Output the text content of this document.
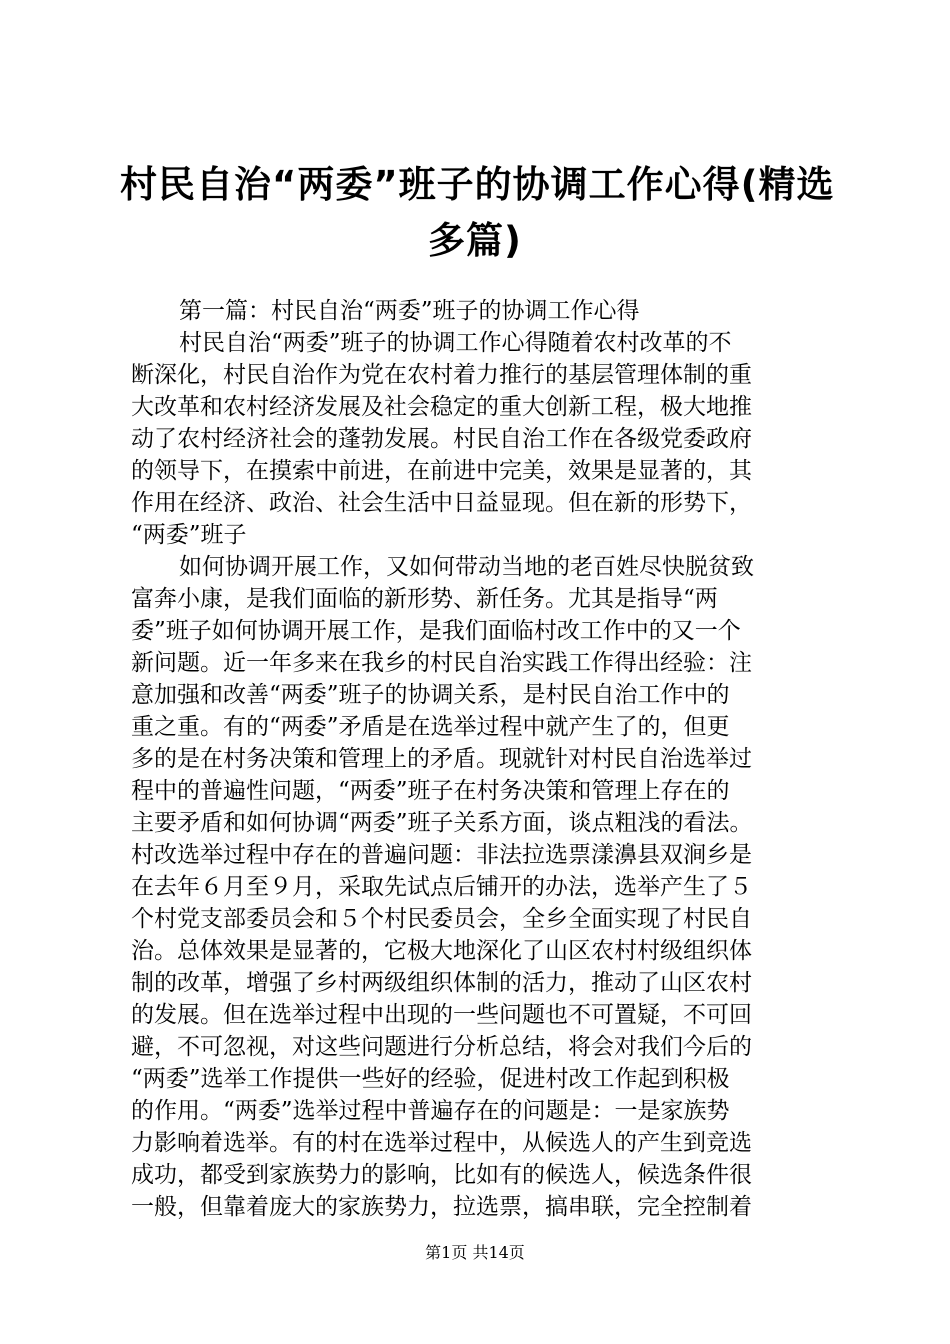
村民自治“两委”班子的协调工作心得(精选
多篇)
第一篇：村民自治“两委”班子的协调工作心得
村民自治“两委”班子的协调工作心得随着农村改革的不
断深化，村民自治作为党在农村着力推行的基层管理体制的重
大改革和农村经济发展及社会稳定的重大创新工程，极大地推
动了农村经济社会的蓬勃发展。村民自治工作在各级党委政府
的领导下，在摸索中前进，在前进中完美，效果是显著的，其
作用在经济、政治、社会生活中日益显现。但在新的形势下，
“两委”班子
如何协调开展工作，又如何带动当地的老百姓尽快脱贫致
富奔小康，是我们面临的新形势、新任务。尤其是指导“两
委”班子如何协调开展工作，是我们面临村改工作中的又一个
新问题。近一年多来在我乡的村民自治实践工作得出经验：注
意加强和改善“两委”班子的协调关系，是村民自治工作中的
重之重。有的“两委”矛盾是在选举过程中就产生了的，但更
多的是在村务决策和管理上的矛盾。现就针对村民自治选举过
程中的普遍性问题，“两委”班子在村务决策和管理上存在的
主要矛盾和如何协调“两委”班子关系方面，谈点粗浅的看法。
村改选举过程中存在的普遍问题：非法拉选票漾濞县双涧乡是
在去年６月至９月，采取先试点后铺开的办法，选举产生了５
个村党支部委员会和５个村民委员会，全乡全面实现了村民自
治。总体效果是显著的，它极大地深化了山区农村村级组织体
制的改革，增强了乡村两级组织体制的活力，推动了山区农村
的发展。但在选举过程中出现的一些问题也不可置疑，不可回
避，不可忽视，对这些问题进行分析总结，将会对我们今后的
“两委”选举工作提供一些好的经验，促进村改工作起到积极
的作用。“两委”选举过程中普遍存在的问题是：一是家族势
力影响着选举。有的村在选举过程中，从候选人的产生到竞选
成功，都受到家族势力的影响，比如有的候选人，候选条件很
一般，但靠着庞大的家族势力，拉选票，搞串联，完全控制着
第1页 共14页
